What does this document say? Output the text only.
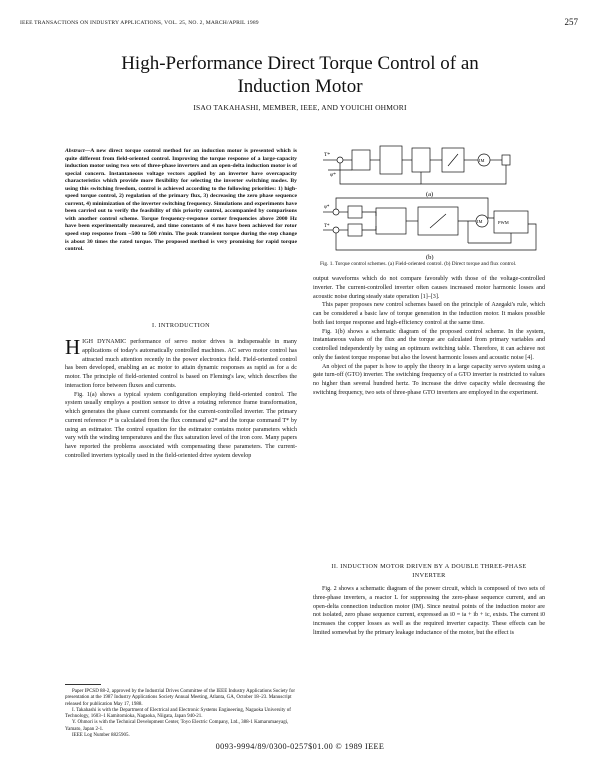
IEEE TRANSACTIONS ON INDUSTRY APPLICATIONS, VOL. 25, NO. 2, MARCH/APRIL 1989	257
High-Performance Direct Torque Control of an
Induction Motor
ISAO TAKAHASHI, MEMBER, IEEE, AND YOUICHI OHMORI
Abstract—A new direct torque control method for an induction motor is presented which is quite different from field-oriented control. Improving the torque response of a large-capacity induction motor using two sets of three-phase inverters and an open-delta induction motor is of special concern. Instantaneous voltage vectors applied by an inverter have overcapacity characteristics which provide more flexibility for selecting the inverter switching modes. By using this switching freedom, control is achieved according to the following priorities: 1) high-speed torque control, 2) regulation of the primary flux, 3) decreasing the zero phase sequence current, 4) minimization of the inverter switching frequency. Simulations and experiments have been carried out to verify the feasibility of this priority control, accompanied by comparisons with another control scheme. Torque frequency-response corner frequencies above 2000 Hz have been experimentally measured, and time constants of 4 ms have been achieved for rotor speed step response from −500 to 500 r/min. The peak transient torque during the step change is about 30 times the rated torque. The proposed method is very promising for rapid torque control.
I. INTRODUCTION

HIGH DYNAMIC performance of servo motor drives is indispensable in many applications of today's automatically controlled machines. AC servo motor control has attracted much attention recently in the power electronics field. Field-oriented control has been developed, enabling an ac motor to attain dynamic responses as rapid as for a dc motor. The principle of field-oriented control is based on Fleming's law, which describes the interaction force between fluxes and currents.

Fig. 1(a) shows a typical system configuration employing field-oriented control. The system usually employs a position sensor to drive a rotating reference frame transformation, which generates the phase current commands for the current-controlled inverter. The primary current reference i* is calculated from the flux command φ2* and the torque command T* by using an estimator. The control equation for the estimator contains motor parameters which vary with the winding temperatures and the flux saturation level of the iron core. Many papers have reported the problems associated with compensating these parameters. The current-controlled inverters typically used in the field-oriented drive system develop

Paper IPCSD 88-2, approved by the Industrial Drives Committee of the IEEE Industry Applications Society for presentation at the 1987 Industry Applications Society Annual Meeting, Atlanta, GA, October 18–23. Manuscript released for publication May 17, 1988.

I. Takahashi is with the Department of Electrical and Electronic Systems Engineering, Nagaoka University of Technology, 1603–1 Kamitomioka, Nagaoka, Niigata, Japan 940-21.

Y. Ohmori is with the Technical Development Center, Toyo Electric Company, Ltd., 388-1 Kamarumaeyagi, Yamato, Japan 2-1.

IEEE Log Number 8825905.

T*
φ*
IM
(a)
φ*
T*
IM	PWM
(b)
Fig. 1. Torque control schemes. (a) Field-oriented control. (b) Direct torque and flux control.

output waveforms which do not compare favorably with those of the voltage-controlled inverter. The current-controlled inverter often causes increased motor harmonic losses and acoustic noise during steady state operation [1]–[3].

This paper proposes new control schemes based on the principle of Azegaki's rule, which can be considered a basic law of torque generation in the induction motor. It makes possible both fast torque response and high-efficiency control at the same time.

Fig. 1(b) shows a schematic diagram of the proposed control scheme. In the system, instantaneous values of the flux and the torque are calculated from primary variables and controlled independently by using an optimum switching table. Therefore, it can achieve not only the fastest torque response but also the lowest harmonic losses and acoustic noise [4].

An object of the paper is how to apply the theory in a large capacity servo system using a gate turn-off (GTO) inverter. The switching frequency of a GTO inverter is restricted to values no higher than several hundred hertz. To increase the drive capacity while decreasing the switching frequency, two sets of three-phase GTO inverters are employed in the experiment.

II. INDUCTION MOTOR DRIVEN BY A DOUBLE THREE-PHASE
INVERTER

Fig. 2 shows a schematic diagram of the power circuit, which is composed of two sets of three-phase inverters, a reactor L for suppressing the zero-phase sequence current, and an open-delta connection induction motor (IM). Since neutral points of the induction motor are not isolated, zero phase sequence current, expressed as i0 = ia + ib + ic, exists. The current i0 increases the copper losses as well as the required inverter capacity. These effects can be limited somewhat by the primary leakage inductance of the motor, but the effect is

0093-9994/89/0300-0257$01.00 © 1989 IEEE
